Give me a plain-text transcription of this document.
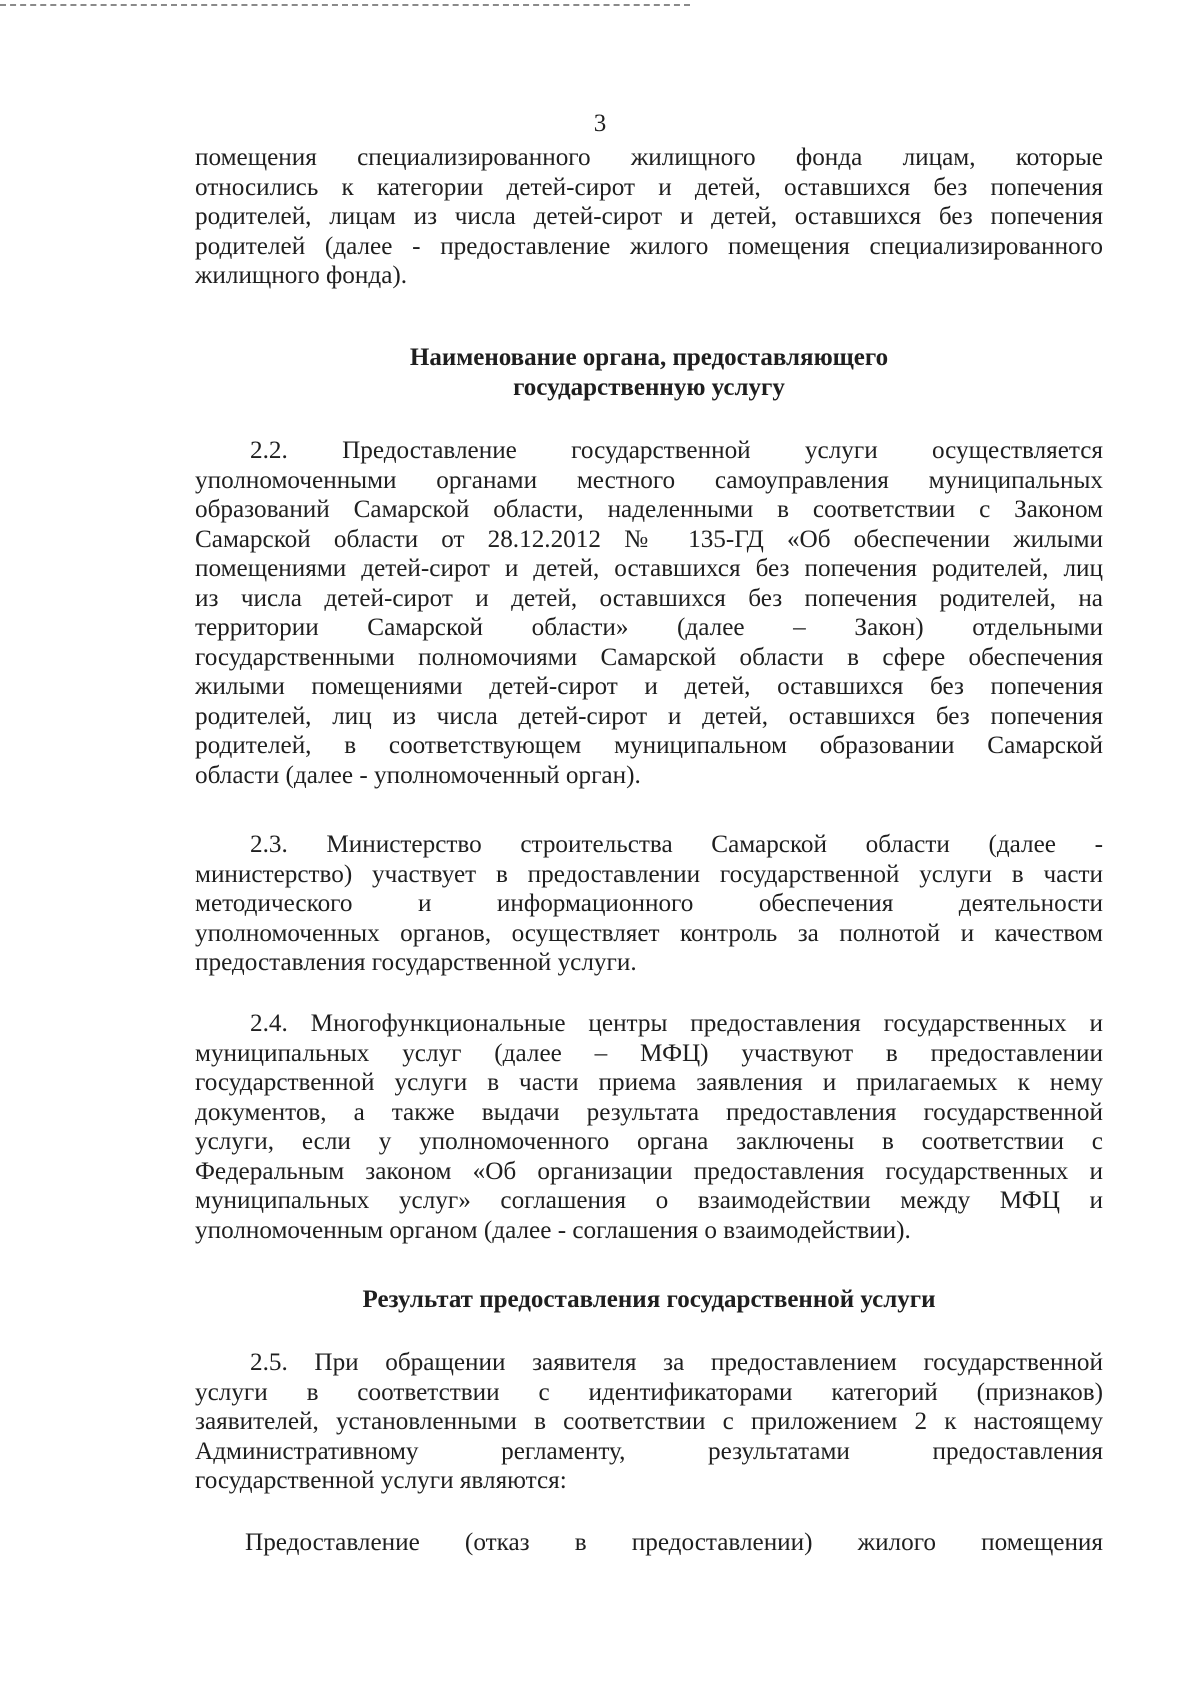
3
помещения специализированного жилищного фонда лицам, которые
относились к категории детей-сирот и детей, оставшихся без попечения
родителей, лицам из числа детей-сирот и детей, оставшихся без попечения
родителей (далее - предоставление жилого помещения специализированного
жилищного фонда).
Наименование органа, предоставляющего
государственную услугу
2.2. Предоставление государственной услуги осуществляется
уполномоченными органами местного самоуправления муниципальных
образований Самарской области, наделенными в соответствии с Законом
Самарской области от 28.12.2012 № 135-ГД «Об обеспечении жилыми
помещениями детей-сирот и детей, оставшихся без попечения родителей, лиц
из числа детей-сирот и детей, оставшихся без попечения родителей, на
территории Самарской области» (далее – Закон) отдельными
государственными полномочиями Самарской области в сфере обеспечения
жилыми помещениями детей-сирот и детей, оставшихся без попечения
родителей, лиц из числа детей-сирот и детей, оставшихся без попечения
родителей, в соответствующем муниципальном образовании Самарской
области (далее - уполномоченный орган).
2.3. Министерство строительства Самарской области (далее -
министерство) участвует в предоставлении государственной услуги в части
методического и информационного обеспечения деятельности
уполномоченных органов, осуществляет контроль за полнотой и качеством
предоставления государственной услуги.
2.4. Многофункциональные центры предоставления государственных и
муниципальных услуг (далее – МФЦ) участвуют в предоставлении
государственной услуги в части приема заявления и прилагаемых к нему
документов, а также выдачи результата предоставления государственной
услуги, если у уполномоченного органа заключены в соответствии с
Федеральным законом «Об организации предоставления государственных и
муниципальных услуг» соглашения о взаимодействии между МФЦ и
уполномоченным органом (далее - соглашения о взаимодействии).
Результат предоставления государственной услуги
2.5. При обращении заявителя за предоставлением государственной
услуги в соответствии с идентификаторами категорий (признаков)
заявителей, установленными в соответствии с приложением 2 к настоящему
Административному регламенту, результатами предоставления
государственной услуги являются:
Предоставление (отказ в предоставлении) жилого помещения
